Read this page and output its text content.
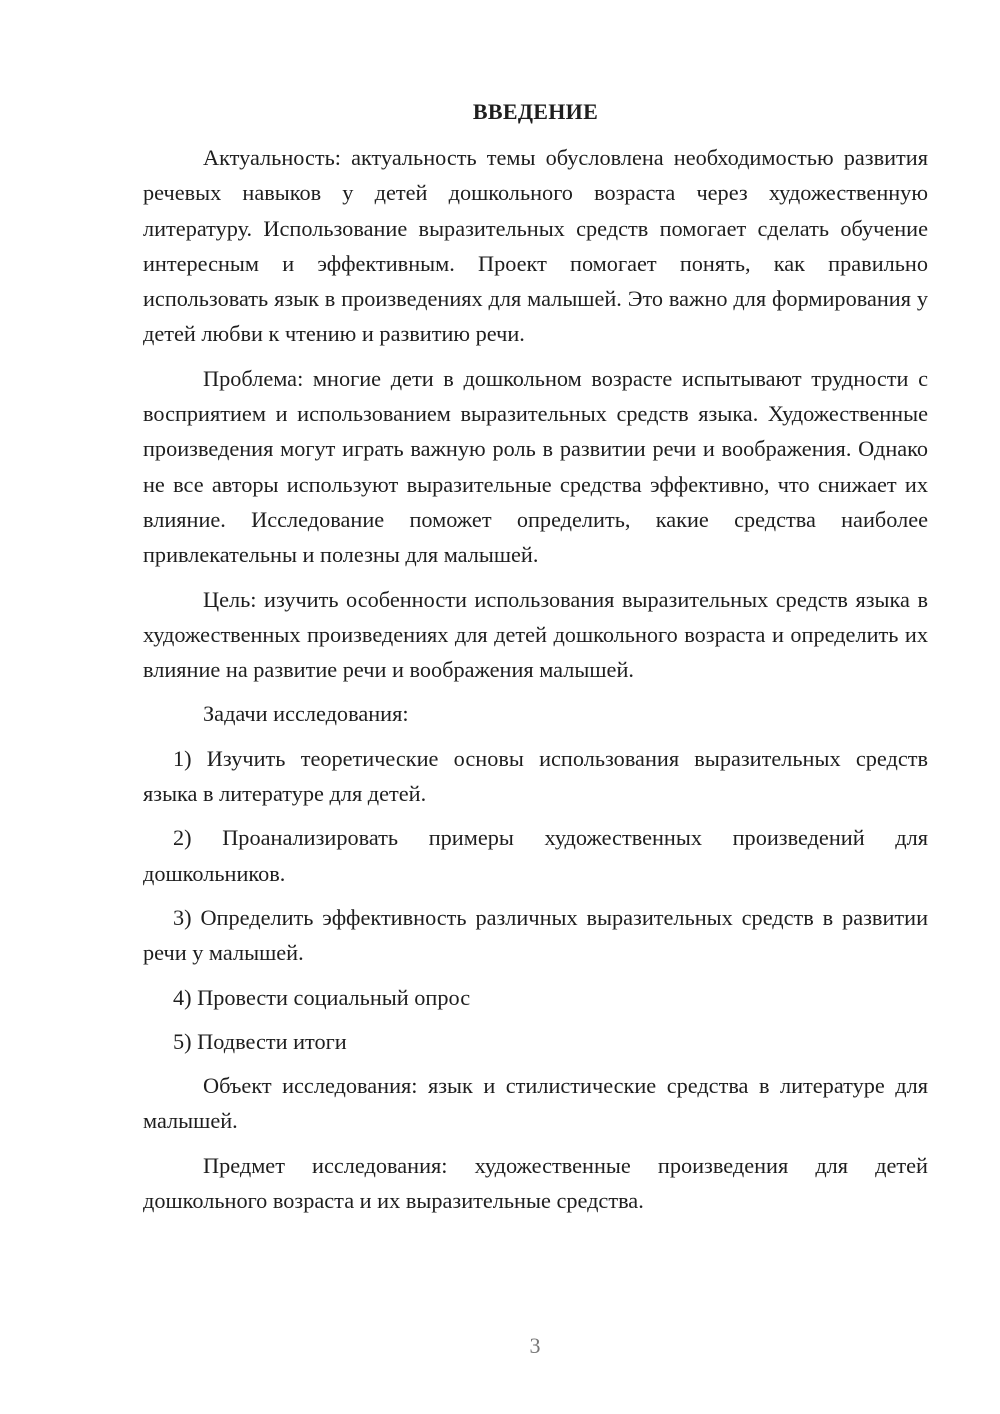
ВВЕДЕНИЕ

Актуальность: актуальность темы обусловлена необходимостью развития речевых навыков у детей дошкольного возраста через художественную литературу. Использование выразительных средств помогает сделать обучение интересным и эффективным. Проект помогает понять, как правильно использовать язык в произведениях для малышей. Это важно для формирования у детей любви к чтению и развитию речи.

Проблема: многие дети в дошкольном возрасте испытывают трудности с восприятием и использованием выразительных средств языка. Художественные произведения могут играть важную роль в развитии речи и воображения. Однако не все авторы используют выразительные средства эффективно, что снижает их влияние. Исследование поможет определить, какие средства наиболее привлекательны и полезны для малышей.

Цель: изучить особенности использования выразительных средств языка в художественных произведениях для детей дошкольного возраста и определить их влияние на развитие речи и воображения малышей.

Задачи исследования:

1) Изучить теоретические основы использования выразительных средств языка в литературе для детей.

2) Проанализировать примеры художественных произведений для дошкольников.

3) Определить эффективность различных выразительных средств в развитии речи у малышей.

4) Провести социальный опрос

5) Подвести итоги

Объект исследования: язык и стилистические средства в литературе для малышей.

Предмет исследования: художественные произведения для детей дошкольного возраста и их выразительные средства.

3
